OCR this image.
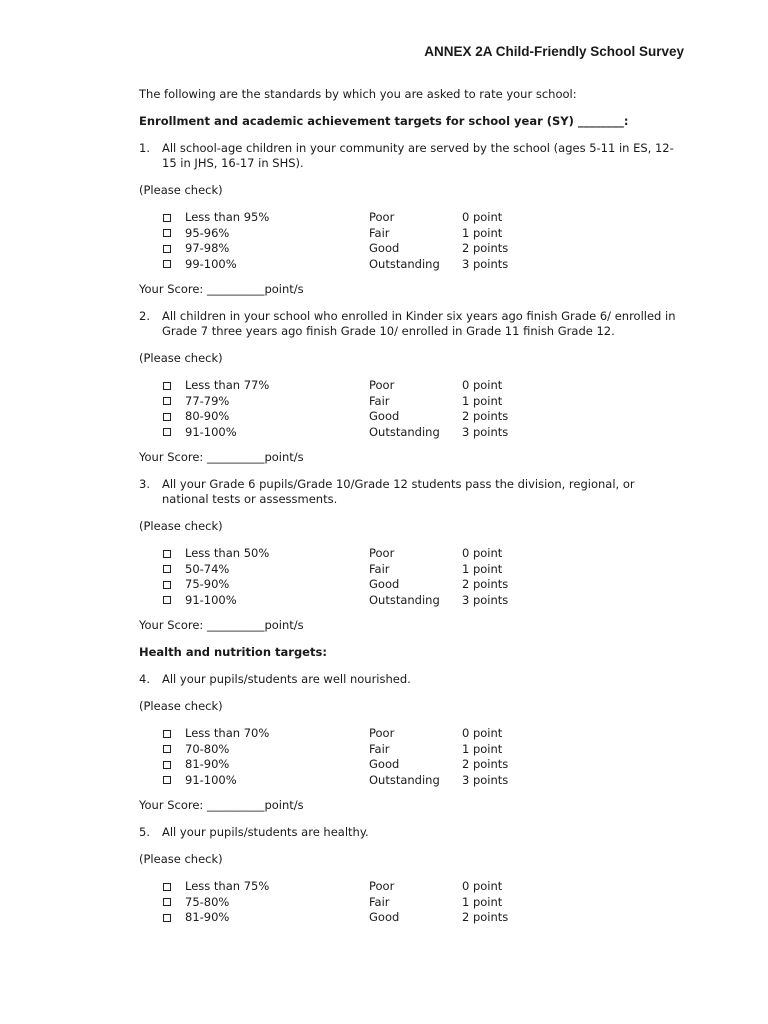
ANNEX 2A Child-Friendly School Survey

The following are the standards by which you are asked to rate your school:

Enrollment and academic achievement targets for school year (SY) ________:

1.	All school-age children in your community are served by the school (ages 5-11 in ES, 12-15 in JHS, 16-17 in SHS).

(Please check)

Less than 95%	Poor	0 point
95-96%	Fair	1 point
97-98%	Good	2 points
99-100%	Outstanding	3 points

Your Score: __________point/s

2.	All children in your school who enrolled in Kinder six years ago finish Grade 6/ enrolled in Grade 7 three years ago finish Grade 10/ enrolled in Grade 11 finish Grade 12.

(Please check)

Less than 77%	Poor	0 point
77-79%	Fair	1 point
80-90%	Good	2 points
91-100%	Outstanding	3 points

Your Score: __________point/s

3.	All your Grade 6 pupils/Grade 10/Grade 12 students pass the division, regional, or national tests or assessments.

(Please check)

Less than 50%	Poor	0 point
50-74%	Fair	1 point
75-90%	Good	2 points
91-100%	Outstanding	3 points

Your Score: __________point/s

Health and nutrition targets:

4.	All your pupils/students are well nourished.

(Please check)

Less than 70%	Poor	0 point
70-80%	Fair	1 point
81-90%	Good	2 points
91-100%	Outstanding	3 points

Your Score: __________point/s

5.	All your pupils/students are healthy.

(Please check)

Less than 75%	Poor	0 point
75-80%	Fair	1 point
81-90%	Good	2 points
